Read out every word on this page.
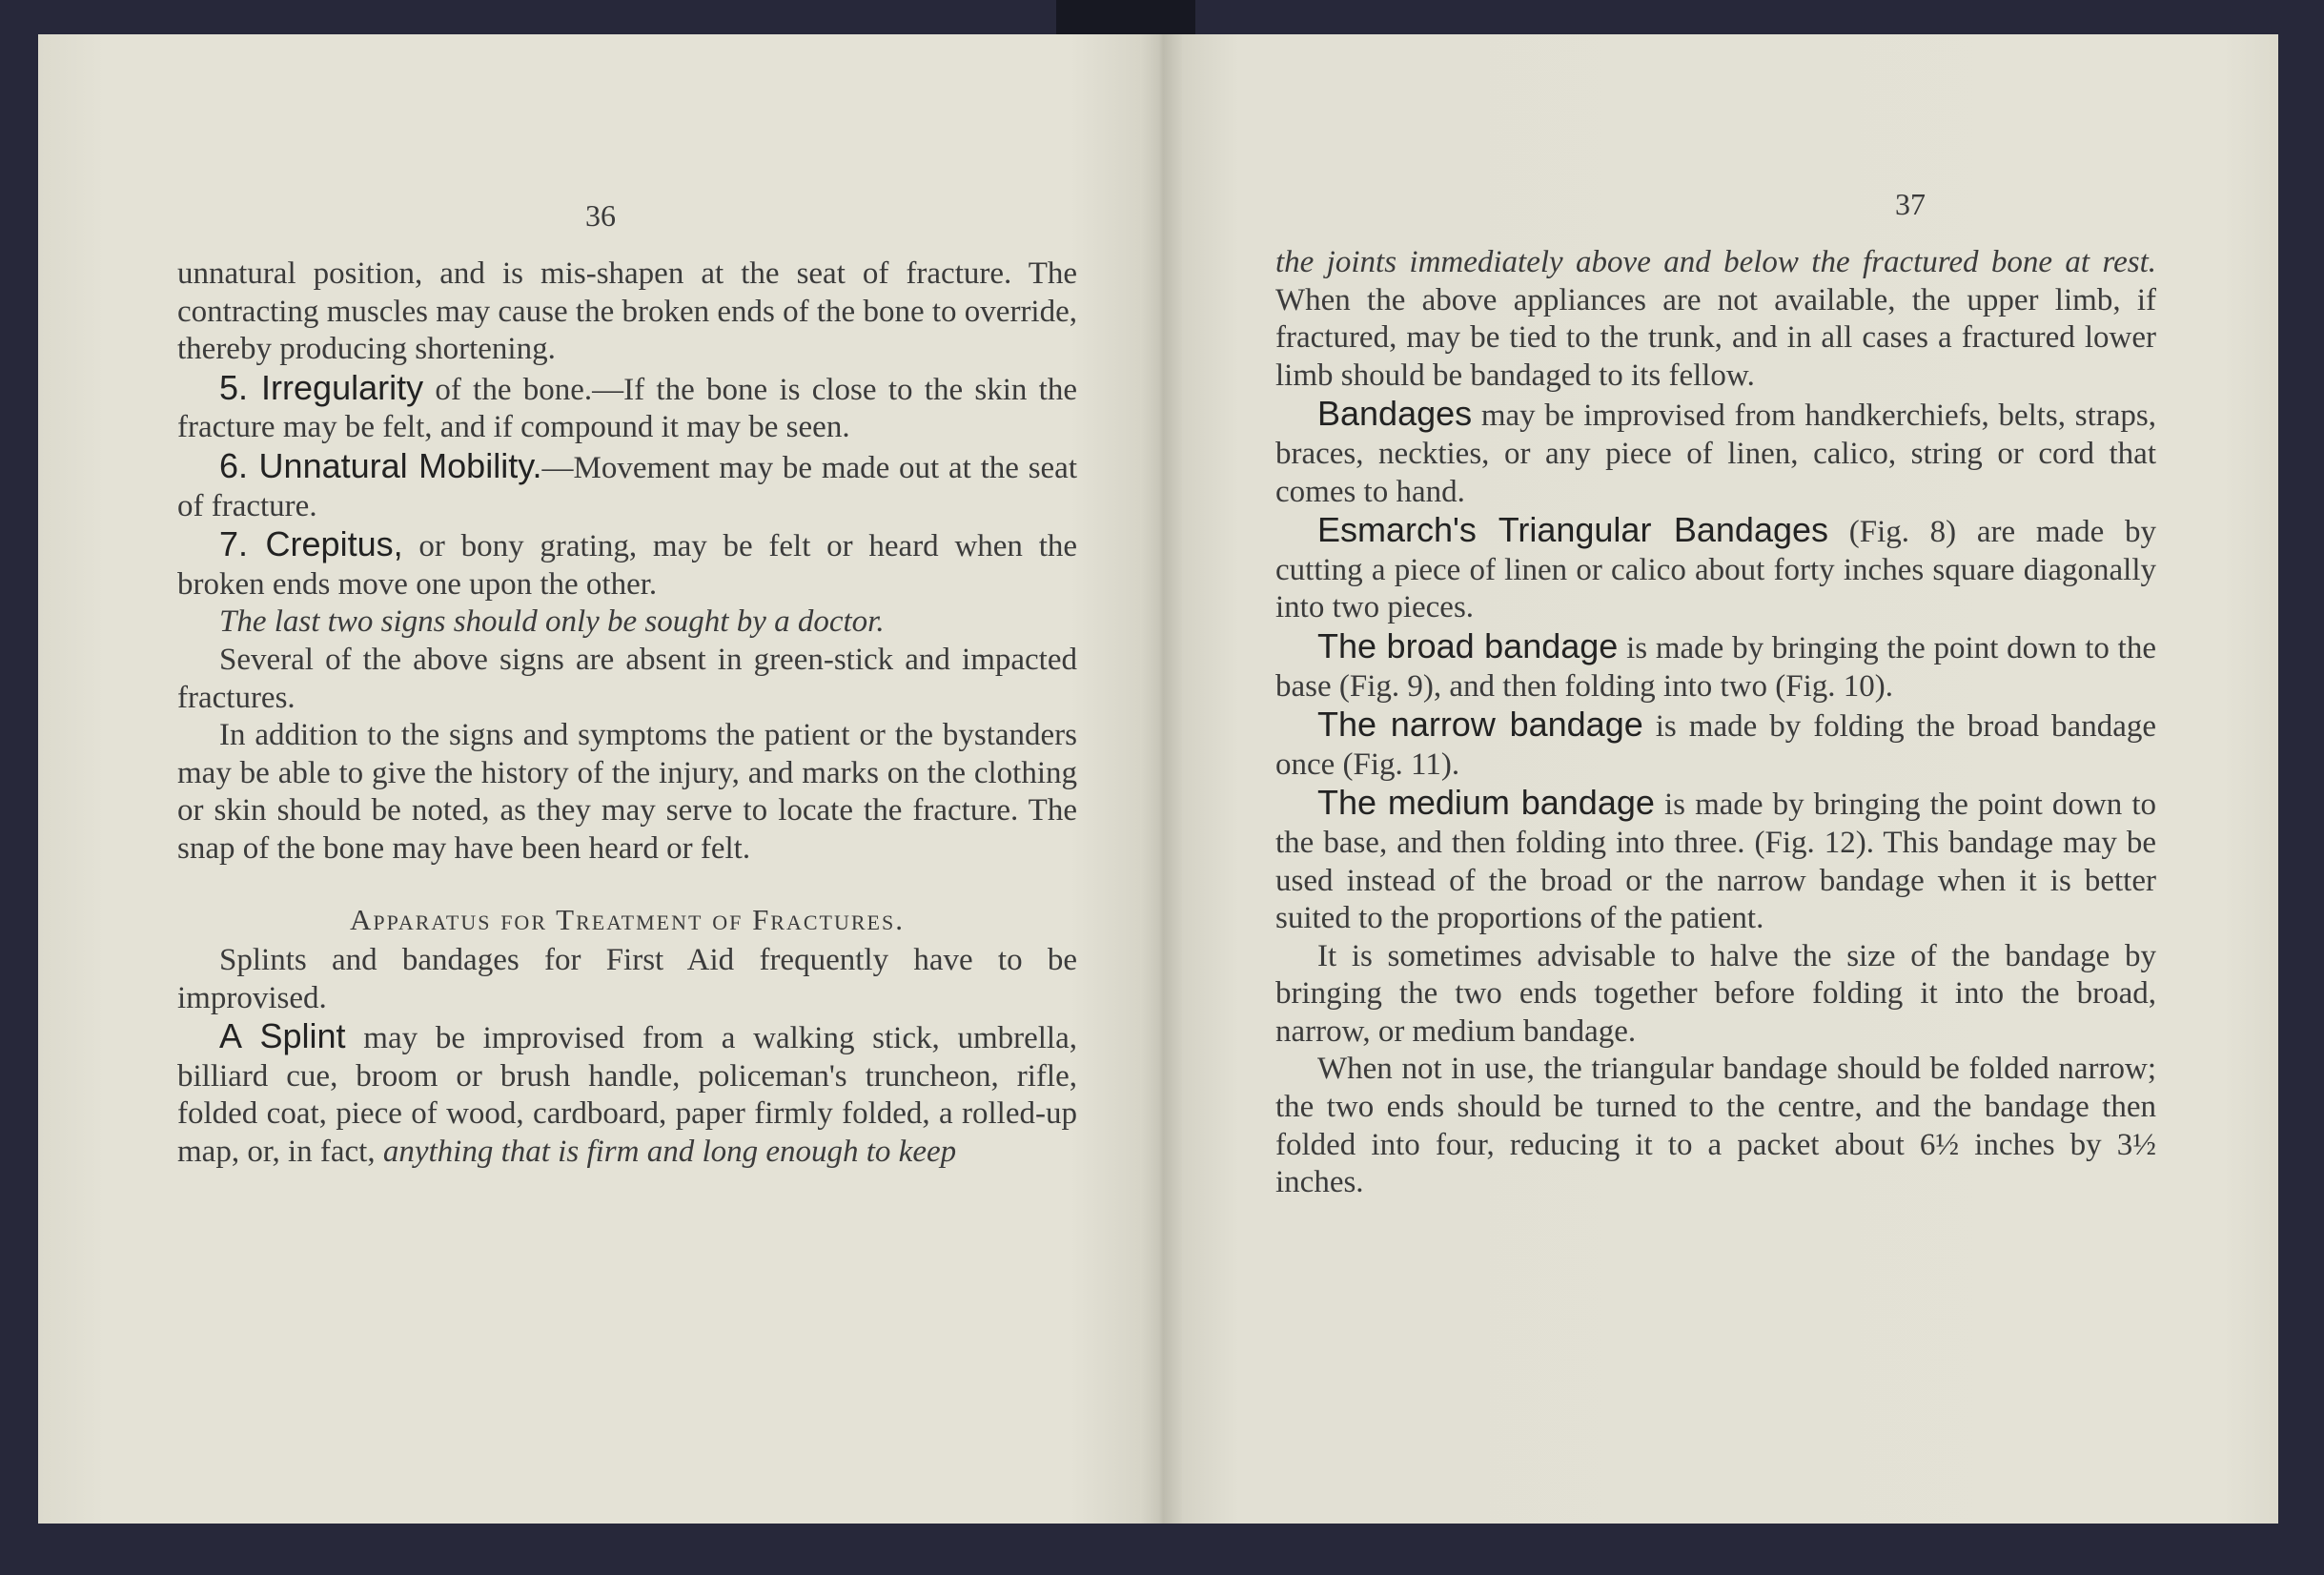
36

unnatural position, and is mis-shapen at the seat of fracture. The contracting muscles may cause the broken ends of the bone to override, thereby producing shortening.

5. Irregularity of the bone.—If the bone is close to the skin the fracture may be felt, and if compound it may be seen.

6. Unnatural Mobility.—Movement may be made out at the seat of fracture.

7. Crepitus, or bony grating, may be felt or heard when the broken ends move one upon the other.

The last two signs should only be sought by a doctor.

Several of the above signs are absent in green-stick and impacted fractures.

In addition to the signs and symptoms the patient or the bystanders may be able to give the history of the injury, and marks on the clothing or skin should be noted, as they may serve to locate the fracture. The snap of the bone may have been heard or felt.

Apparatus for Treatment of Fractures.

Splints and bandages for First Aid frequently have to be improvised.

A Splint may be improvised from a walking stick, umbrella, billiard cue, broom or brush handle, policeman's truncheon, rifle, folded coat, piece of wood, cardboard, paper firmly folded, a rolled-up map, or, in fact, anything that is firm and long enough to keep

37

the joints immediately above and below the fractured bone at rest. When the above appliances are not available, the upper limb, if fractured, may be tied to the trunk, and in all cases a fractured lower limb should be bandaged to its fellow.

Bandages may be improvised from handkerchiefs, belts, straps, braces, neckties, or any piece of linen, calico, string or cord that comes to hand.

Esmarch's Triangular Bandages (Fig. 8) are made by cutting a piece of linen or calico about forty inches square diagonally into two pieces.

The broad bandage is made by bringing the point down to the base (Fig. 9), and then folding into two (Fig. 10).

The narrow bandage is made by folding the broad bandage once (Fig. 11).

The medium bandage is made by bringing the point down to the base, and then folding into three. (Fig. 12). This bandage may be used instead of the broad or the narrow bandage when it is better suited to the proportions of the patient.

It is sometimes advisable to halve the size of the bandage by bringing the two ends together before folding it into the broad, narrow, or medium bandage.

When not in use, the triangular bandage should be folded narrow; the two ends should be turned to the centre, and the bandage then folded into four, reducing it to a packet about 6½ inches by 3½ inches.
